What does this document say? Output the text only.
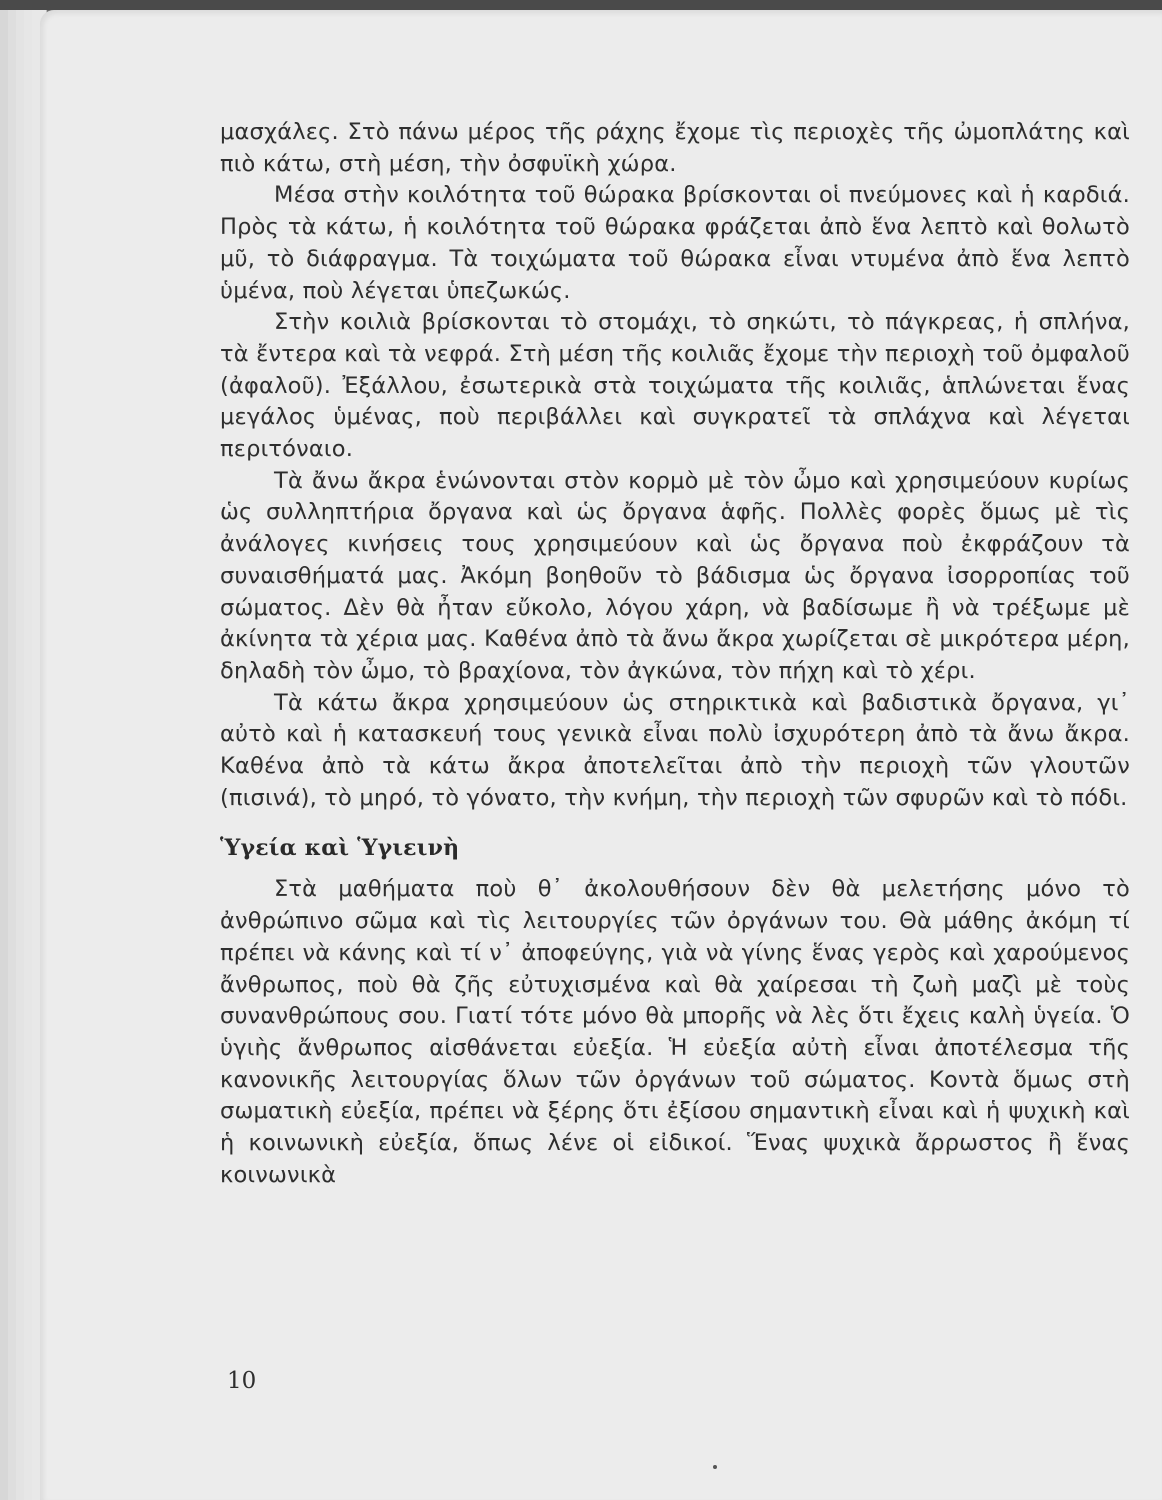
μασχάλες. Στὸ πάνω μέρος τῆς ράχης ἔχομε τὶς περιοχὲς τῆς ὠμοπλάτης καὶ πιὸ κάτω, στὴ μέση, τὴν ὀσφυϊκὴ χώρα.

Μέσα στὴν κοιλότητα τοῦ θώρακα βρίσκονται οἱ πνεύμονες καὶ ἡ καρδιά. Πρὸς τὰ κάτω, ἡ κοιλότητα τοῦ θώρακα φράζεται ἀπὸ ἕνα λεπτὸ καὶ θολωτὸ μῦ, τὸ διάφραγμα. Τὰ τοιχώματα τοῦ θώρακα εἶναι ντυμένα ἀπὸ ἕνα λεπτὸ ὑμένα, ποὺ λέγεται ὑπεζωκώς.

Στὴν κοιλιὰ βρίσκονται τὸ στομάχι, τὸ σηκώτι, τὸ πάγκρεας, ἡ σπλήνα, τὰ ἔντερα καὶ τὰ νεφρά. Στὴ μέση τῆς κοιλιᾶς ἔχομε τὴν περιοχὴ τοῦ ὀμφαλοῦ (ἀφαλοῦ). Ἐξάλλου, ἐσωτερικὰ στὰ τοιχώματα τῆς κοιλιᾶς, ἁπλώνεται ἕνας μεγάλος ὑμένας, ποὺ περιβάλλει καὶ συγκρατεῖ τὰ σπλάχνα καὶ λέγεται περιτόναιο.

Τὰ ἄνω ἄκρα ἑνώνονται στὸν κορμὸ μὲ τὸν ὦμο καὶ χρησιμεύουν κυρίως ὡς συλληπτήρια ὄργανα καὶ ὡς ὄργανα ἁφῆς. Πολλὲς φορὲς ὅμως μὲ τὶς ἀνάλογες κινήσεις τους χρησιμεύουν καὶ ὡς ὄργανα ποὺ ἐκφράζουν τὰ συναισθήματά μας. Ἀκόμη βοηθοῦν τὸ βάδισμα ὡς ὄργανα ἰσορροπίας τοῦ σώματος. Δὲν θὰ ἦταν εὔκολο, λόγου χάρη, νὰ βαδίσωμε ἢ νὰ τρέξωμε μὲ ἀκίνητα τὰ χέρια μας. Καθένα ἀπὸ τὰ ἄνω ἄκρα χωρίζεται σὲ μικρότερα μέρη, δηλαδὴ τὸν ὦμο, τὸ βραχίονα, τὸν ἀγκώνα, τὸν πήχη καὶ τὸ χέρι.

Τὰ κάτω ἄκρα χρησιμεύουν ὡς στηρικτικὰ καὶ βαδιστικὰ ὄργανα, γι᾽ αὐτὸ καὶ ἡ κατασκευή τους γενικὰ εἶναι πολὺ ἰσχυρότερη ἀπὸ τὰ ἄνω ἄκρα. Καθένα ἀπὸ τὰ κάτω ἄκρα ἀποτελεῖται ἀπὸ τὴν περιοχὴ τῶν γλουτῶν (πισινά), τὸ μηρό, τὸ γόνατο, τὴν κνήμη, τὴν περιοχὴ τῶν σφυρῶν καὶ τὸ πόδι.

Ὑγεία καὶ Ὑγιεινὴ

Στὰ μαθήματα ποὺ θ᾽ ἀκολουθήσουν δὲν θὰ μελετήσης μόνο τὸ ἀνθρώπινο σῶμα καὶ τὶς λειτουργίες τῶν ὀργάνων του. Θὰ μάθης ἀκόμη τί πρέπει νὰ κάνης καὶ τί ν᾽ ἀποφεύγης, γιὰ νὰ γίνης ἕνας γερὸς καὶ χαρούμενος ἄνθρωπος, ποὺ θὰ ζῆς εὐτυχισμένα καὶ θὰ χαίρεσαι τὴ ζωὴ μαζὶ μὲ τοὺς συνανθρώπους σου. Γιατί τότε μόνο θὰ μπορῆς νὰ λὲς ὅτι ἔχεις καλὴ ὑγεία. Ὁ ὑγιὴς ἄνθρωπος αἰσθάνεται εὐεξία. Ἡ εὐεξία αὐτὴ εἶναι ἀποτέλεσμα τῆς κανονικῆς λειτουργίας ὅλων τῶν ὀργάνων τοῦ σώματος. Κοντὰ ὅμως στὴ σωματικὴ εὐεξία, πρέπει νὰ ξέρης ὅτι ἐξίσου σημαντικὴ εἶναι καὶ ἡ ψυχικὴ καὶ ἡ κοινωνικὴ εὐεξία, ὅπως λένε οἱ εἰδικοί. Ἕνας ψυχικὰ ἄρρωστος ἢ ἕνας κοινωνικὰ

10
